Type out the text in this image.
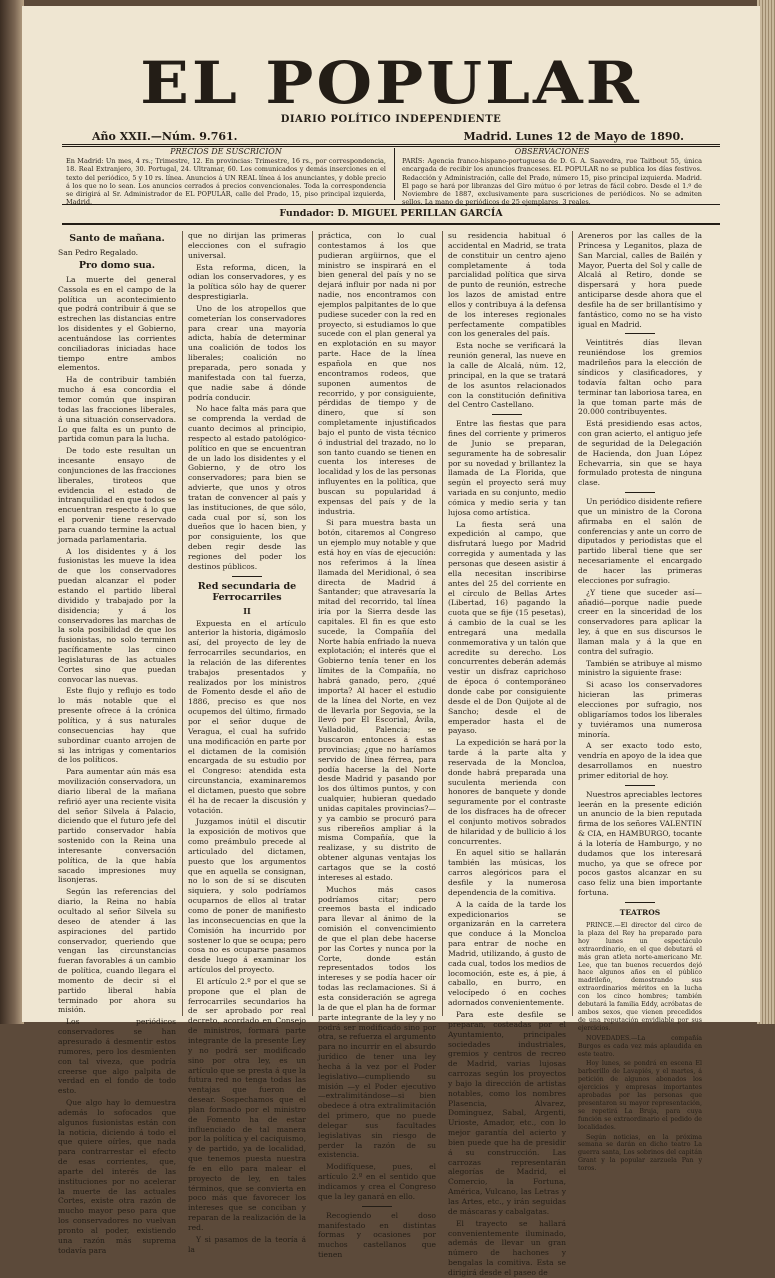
EL POPULAR
DIARIO POLÍTICO INDEPENDIENTE
Año XXII.—Núm. 9.761.	Madrid. Lunes 12 de Mayo de 1890.
PRECIOS DE SUSCRICIÓN
En Madrid: Un mes, 4 rs.; Trimestre, 12. En provincias: Trimestre, 16 rs., por correspondencia, 18. Real Extranjero, 30. Portugal, 24. Ultramar, 60. Los comunicados y demás inserciones en el texto del periódico, 5 y 10 rs. línea. Anuncios á UN REAL línea á los anunciantes, y doble precio á los que no lo sean. Los anuncios cerrados á precios convencionales. Toda la correspondencia se dirigirá al Sr. Administrador de EL POPULAR, calle del Prado, 15, piso principal izquierda, Madrid.
OBSERVACIONES
PARÍS: Agencia franco-hispano-portuguesa de D. G. A. Saavedra, rue Taitbout 55, única encargada de recibir los anuncios franceses. EL POPULAR no se publica los días festivos. Redacción y Administración, calle del Prado, número 15, piso principal izquierda. Madrid. El pago se hará por libranzas del Giro mútuo ó por letras de fácil cobro. Desde el 1.º de Noviembre de 1887, exclusivamente para suscriciones de periódicos. No se admiten sellos. La mano de periódicos de 25 ejemplares, 3 reales.
Fundador: D. MIGUEL PERILLAN GARCÍA
Santo de mañana.

San Pedro Regalado.

Pro domo sua.

La muerte del general Cassola es en el campo de la política un acontecimiento que podrá contribuir á que se estrechen las distancias entre los disidentes y el Gobierno, acentuándose las corrientes conciliadoras iniciadas hace tiempo entre ambos elementos.

Ha de contribuir también mucho á esa concordia el temor común que inspiran todas las fracciones liberales, á una situación conservadora. Lo que falta es un punto de partida comun para la lucha.

De todo este resultan un incesante ensayo de conjunciones de las fracciones liberales, tiroteos que evidencia el estado de intranquilidad en que todos se encuentran respecto á lo que el porvenir tiene reservado para cuando termine la actual jornada parlamentaria.

A los disidentes y á los fusionistas les mueve la idea de que los conservadores puedan alcanzar el poder estando el partido liberal dividido y trabajado por la disidencia; y á los conservadores las marchas de la sola posibilidad de que los fusionistas, no solo terminen pacíficamente las cinco legislaturas de las actuales Cortes sino que puedan convocar las nuevas.

Este flujo y reflujo es todo lo más notable que el presente ofrece á la crónica política, y á sus naturales consecuencias hay que subordinar cuanto arrojen de si las intrigas y comentarios de los políticos.

Para aumentar aún más esa movilización conservadora, un diario liberal de la mañana refirió ayer una reciente visita del señor Silvela á Palacio, diciendo que el futuro jefe del partido conservador había sostenido con la Reina una interesante conversación política, de la que había sacado impresiones muy lisonjeras.

Según las referencias del diario, la Reina no había ocultado al señor Silvela su deseo de atender á las aspiraciones del partido conservador, queriendo que vengan las circunstancias fueran favorables á un cambio de política, cuando llegara el momento de decir si el partido liberal había terminado por ahora su misión.

Los periódicos conservadores se han apresurado á desmentir estos rumores, pero los desmienten con tal viveza, que podría creerse que algo palpita de verdad en el fondo de todo esto.

Que algo hay lo demuestra además lo sofocados que algunos fusionistas están con la noticia, diciendo á todo el que quiere oírles, que nada para contrarrestar el efecto de esas corrientes, que, aparte del interés de las instituciones por no acelerar la muerte de las actuales Cortes, existe otra razón de mucho mayor peso para que los conservadores no vuelvan pronto al poder, existiendo una razón más suprema todavía para

que no dirijan las primeras elecciones con el sufragio universal.

Esta reforma, dicen, la odian los conservadores, y es la política sólo hay de querer desprestigiarla.

Uno de los atropellos que cometerían los conservadores para crear una mayoría adicta, había de determinar una coalición de todos los liberales; coalición no preparada, pero sonada y manifestada con tal fuerza, que nadie sabe á dónde podría conducir.

No hace falta más para que se comprenda la verdad de cuanto decimos al principio, respecto al estado patológico-político en que se encuentran de un lado los disidentes y el Gobierno, y de otro los conservadores; para bien se advierte, que unos y otros tratan de convencer al país y las instituciones, de que sólo, cada cual por sí, son los dueños que lo hacen bien, y por consiguiente, los que deben regir desde las regiones del poder los destinos públicos.

Red secundaria de Ferrocarriles

II

Expuesta en el artículo anterior la historia, digámoslo así, del proyecto de ley de ferrocarriles secundarios, en la relación de las diferentes trabajos presentados y realizados por los ministros de Fomento desde el año de 1886, preciso es que nos ocupemos del último, firmado por el señor duque de Veragua, el cual ha sufrido una modificación en parte por el dictamen de la comisión encargada de su estudio por el Congreso: atendida esta circunstancia, examinaremos el dictamen, puesto que sobre él ha de recaer la discusión y votación.

Juzgamos inútil el discutir la exposición de motivos que como preámbulo precede al articulado del dictamen, puesto que los argumentos que en aquella se consignan, no lo son de sí se discuten siquiera, y solo podríamos ocuparnos de ellos al tratar como de poner de manifiesto las inconsecuencias en que la Comisión ha incurrido por sostener lo que se ocupa; pero cosa no es ocuparse pasamos desde luego á examinar los artículos del proyecto.

El artículo 2.º por el que se propone que el plan de ferrocarriles secundarios ha de ser aprobado por real decreto, acordado en Consejo de ministros, formará parte integrante de la presente Ley y no podrá ser modificado sino por otra ley, es un artículo que se presta á que la futura red no tenga todas las ventajas que fueron de desear. Sospechamos que el plan formado por el ministro de Fomento ha de estar influenciado de tal manera por la política y el caciquismo, y de partido, ya de localidad, que tenemos puesta nuestra fe en ello para malear el proyecto de ley, en tales términos, que se convierta en poco más que favorecer los intereses que se conciban y reparan de la realización de la red.

Y si pasamos de la teoría á la

práctica, con lo cual contestamos á los que pudieran argüirnos, que el ministro se inspirará en el bien general del país y no se dejará influir por nada ni por nadie, nos encontramos con ejemplos palpitantes de lo que pudiese suceder con la red en proyecto, si estudiamos lo que sucede con el plan general ya en explotación en su mayor parte. Hace de la línea española en que nos encontramos rodeos, que suponen aumentos de recorrido, y por consiguiente, pérdidas de tiempo y de dinero, que sí son completamente injustificados bajo el punto de vista técnico ó industrial del trazado, no lo son tanto cuando se tienen en cuenta los intereses de localidad y los de las personas influyentes en la política, que buscan su popularidad á expensas del país y de la industria.

Si para muestra basta un botón, citaremos al Congreso un ejemplo muy notable y que está hoy en vías de ejecución: nos referimos á la línea llamada del Meridional, ó sea directa de Madrid á Santander; que atravesaría la mitad del recorrido, tal línea iría por la Sierra desde las capitales. El fin es que esto sucede, la Compañía del Norte había enfriado la nueva explotación; el interés que el Gobierno tenía tener en los límites de la Compañía, no habrá ganado, pero, ¿qué importa? Al hacer el estudio de la línea del Norte, en vez de llevarla por Segovia, se la llevó por El Escorial, Ávila, Valladolid, Palencia; se buscaron entonces á estas provincias; ¿que no haríamos servido de línea férrea, para podía hacerse la del Norte desde Madrid y pasando por los dos últimos puntos, y con cualquier, hubieran quedado unidas capitales provincias?—y ya cambio se procuró para sus ribereños ampliar á la misma Compañía, que la realizase, y su distrito de obtener algunas ventajas los cartagos que se la costó intereses al estado.

Muchos más casos podríamos citar; pero creemos basta el indicado para llevar al ánimo de la comisión el convencimiento de que el plan debe hacerse por las Cortes y nunca por la Corte, donde están representados todos los intereses y se podía hacer oír todas las reclamaciones. Si á esta consideración se agrega la de que el plan ha de formar parte integrante de la ley y no podrá ser modificado sino por otra, se refuerza el argumento para no incurrir en el absurdo jurídico de tener una ley hecha á la vez por el Poder legislativo—cumpliendo su misión —y el Poder ejecutivo—extralimitándose—si bien obedece á otra extralimitación del primero, que no puede delegar sus facultades legislativas sin riesgo de perder la razón de su existencia.

Modifíquese, pues, el artículo 2.º en el sentido que indicamos y crea el Congreso que la ley ganará en ello.

Recogiendo el doso manifestado en distintas formas y ocasiones por muchos castellanos que tienen

su residencia habitual ó accidental en Madrid, se trata de constituir un centro ajeno completamente á toda parcialidad política que sirva de punto de reunión, estreche los lazos de amistad entre ellos y contribuya á la defensa de los intereses regionales perfectamente compatibles con los generales del país.

Esta noche se verificará la reunión general, las nueve en la calle de Alcalá, núm. 12, principal, en la que se tratará de los asuntos relacionados con la constitución definitiva del Centro Castellano.

Entre las fiestas que para fines del corriente y primeros de Junio se preparan, seguramente ha de sobresalir por su novedad y brillantez la llamada de La Florida, que según el proyecto será muy variada en su conjunto, medio cómica y medio seria y tan lujosa como artística.

La fiesta será una expedición al campo, que disfrutará luego por Madrid corregida y aumentada y las personas que deseen asistir á ella necesitan inscribirse antes del 25 del corriente en el círculo de Bellas Artes (Libertad, 16) pagando la cuota que se fije (15 pesetas), á cambio de la cual se les entregará una medalla conmemorativa y un talón que acredite su derecho. Los concurrentes deberán además vestir un disfraz caprichoso de época ó contemporáneo donde cabe por consiguiente desde el de Don Quijote al de Sancho; desde el de emperador hasta el de payaso.

La expedición se hará por la tarde á la parte alta y reservada de la Moncloa, donde habrá preparada una suculenta merienda con honores de banquete y donde seguramente por el contraste de los disfraces ha de ofrecer el conjunto motivos sobrados de hilaridad y de bullicio á los concurrentes.

En aquel sitio se hallarán también las músicas, los carros alegóricos para el desfile y la numerosa dependencia de la comitiva.

A la caída de la tarde los expedicionarios se organizarán en la carretera que conduce á la Moncloa para entrar de noche en Madrid, utilizando, á gusto de cada cual, todos los medios de locomoción, este es, á pie, á caballo, en burro, en velocípedo ó en coches adornados convenientemente.

Para este desfile se preparan, costeadas por el Ayuntamiento, principales sociedades industriales, gremios y centros de recreo de Madrid, varias lujosas carrozas según los proyectos y bajo la dirección de artistas notables, como los nombres Plasencia, Alvarez, Dominguez, Sabal, Argenti, Urioste, Amador, etc., con lo mejor garantía del acierto y bien puede que ha de presidir á su construcción. Las carrozas representarán alegorías de Madrid, el Comercio, la Fortuna, América, Vulcano, las Letras y las Artes, etc., y irán seguidas de máscaras y cabalgatas.

El trayecto se hallará convenientemente iluminado, además de llevar un gran número de hachones y bengalas la comitiva. Esta se dirigirá desde el paseo de

Areneros por las calles de la Princesa y Leganitos, plaza de San Marcial, calles de Bailén y Mayor, Puerta del Sol y calle de Alcalá al Retiro, donde se dispersará y hora puede anticiparse desde ahora que el desfile ha de ser brillantísimo y fantástico, como no se ha visto igual en Madrid.

Veintitrés días llevan reuniéndose los gremios madrileños para la elección de síndicos y clasificadores, y todavía faltan ocho para terminar tan laboriosa tarea, en la que toman parte más de 20.000 contribuyentes.

Está presidiendo esas actos, con gran acierto, el antiguo jefe de seguridad de la Delegación de Hacienda, don Juan López Echevarria, sin que se haya formulado protesta de ninguna clase.

Un periódico disidente refiere que un ministro de la Corona afirmaba en el salón de conferencias y ante un corro de diputados y periodistas que el partido liberal tiene que ser necesariamente el encargado de hacer las primeras elecciones por sufragio.

¿Y tiene que suceder así—añadió—porque nadie puede creer en la sinceridad de los conservadores para aplicar la ley, á que en sus discursos le llaman mala y á la que en contra del sufragio.

También se atribuye al mismo ministro la siguiente frase:

Si acaso los conservadores hicieran las primeras elecciones por sufragio, nos obligaríamos todos los liberales y tuviéramos una numerosa minoría.

A ser exacto todo esto, vendría en apoyo de la idea que desarrollamos en nuestro primer editorial de hoy.

Nuestros apreciables lectores leerán en la presente edición un anuncio de la bien reputada firma de los señores VALENTIN & CIA, en HAMBURGO, tocante á la lotería de Hamburgo, y no dudamos que los interesará mucho, ya que se ofrece por pocos gastos alcanzar en su caso feliz una bien importante fortuna.

TEATROS

PRINCE.—El director del circo de la plaza del Rey ha preparado para hoy lunes un espectáculo extraordinario, en el que debutará el más gran atleta norte-americano Mr. Lee, que tan buenos recuerdos dejó hace algunos años en el público madrileño, demostrando sus extraordinarios méritos en la lucha con los cinco hombres; también debutará la familia Eddy, acróbatas de ambos sexos, que vienen precedidos de una reputación envidiable por sus ejercicios.

NOVEDADES.—La compañía Burgos es cada vez más aplaudida en este teatro.

Hoy lunes, se pondrá en escena El barberillo de Lavapiés, y el martes, á petición de algunos abonados los ejercicios y empresas importantes aprobadas por las personas que presentaron su mayor representación, se repetirá La Bruja, para cuya función se extraordinario el pedido de localidades.

Según noticias, en la próxima semana se darán en dicho teatro La guerra santa, Los sobrinos del capitán Grant y la popular zarzuela Pan y toros.
